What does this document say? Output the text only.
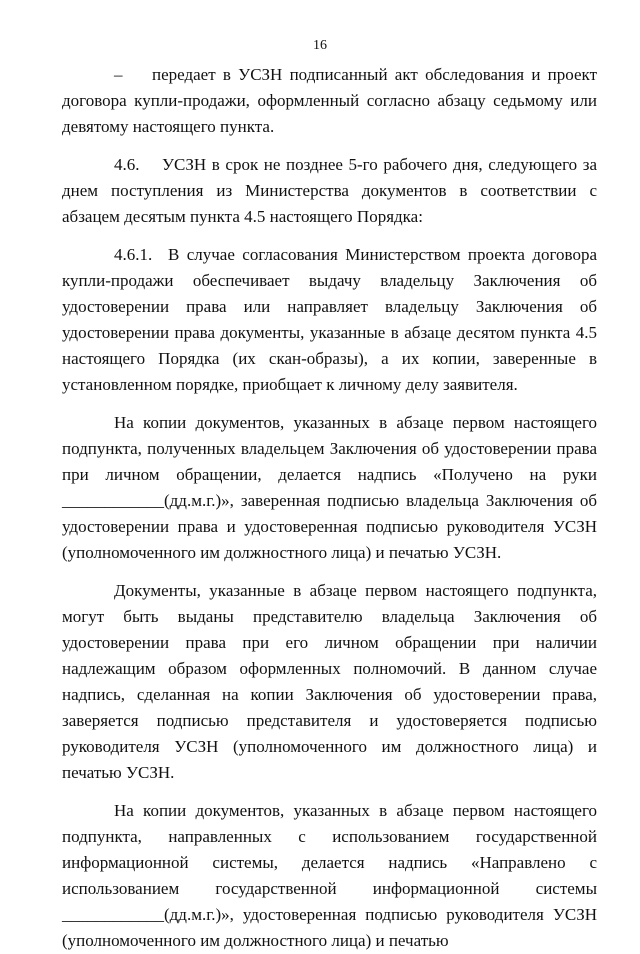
16

– передает в УСЗН подписанный акт обследования и проект договора купли-продажи, оформленный согласно абзацу седьмому или девятому настоящего пункта.

4.6. УСЗН в срок не позднее 5-го рабочего дня, следующего за днем поступления из Министерства документов в соответствии с абзацем десятым пункта 4.5 настоящего Порядка:

4.6.1. В случае согласования Министерством проекта договора купли-продажи обеспечивает выдачу владельцу Заключения об удостоверении права или направляет владельцу Заключения об удостоверении права документы, указанные в абзаце десятом пункта 4.5 настоящего Порядка (их скан-образы), а их копии, заверенные в установленном порядке, приобщает к личному делу заявителя.

На копии документов, указанных в абзаце первом настоящего подпункта, полученных владельцем Заключения об удостоверении права при личном обращении, делается надпись «Получено на руки ____________(дд.м.г.)», заверенная подписью владельца Заключения об удостоверении права и удостоверенная подписью руководителя УСЗН (уполномоченного им должностного лица) и печатью УСЗН.

Документы, указанные в абзаце первом настоящего подпункта, могут быть выданы представителю владельца Заключения об удостоверении права при его личном обращении при наличии надлежащим образом оформленных полномочий. В данном случае надпись, сделанная на копии Заключения об удостоверении права, заверяется подписью представителя и удостоверяется подписью руководителя УСЗН (уполномоченного им должностного лица) и печатью УСЗН.

На копии документов, указанных в абзаце первом настоящего подпункта, направленных с использованием государственной информационной системы, делается надпись «Направлено с использованием государственной информационной системы ____________(дд.м.г.)», удостоверенная подписью руководителя УСЗН (уполномоченного им должностного лица) и печатью
